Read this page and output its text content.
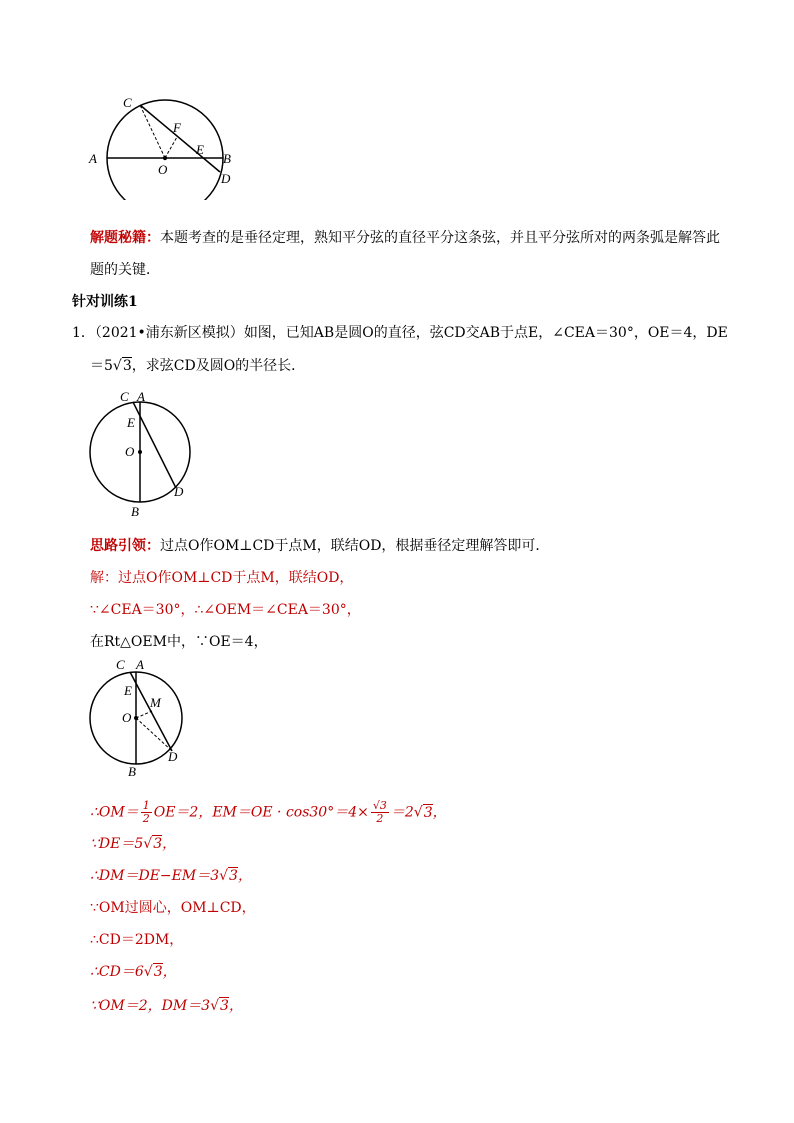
C
F
A
E
B
O
D
解题秘籍：本题考查的是垂径定理，熟知平分弦的直径平分这条弦，并且平分弦所对的两条弧是解答此
题的关键．
针对训练1
1．（2021•浦东新区模拟）如图，已知AB是圆O的直径，弦CD交AB于点E，∠CEA＝30°，OE＝4，DE
＝5√3，求弦CD及圆O的半径长．
C A
E
O
D
B
思路引领：过点O作OM⊥CD于点M，联结OD，根据垂径定理解答即可．
解：过点O作OM⊥CD于点M，联结OD，
∵∠CEA＝30°，∴∠OEM＝∠CEA＝30°，
在Rt△OEM中，∵OE＝4，
C A
E
M
O
D
B
∴OM＝ $\frac{1}{2} OE=2$，$EM=OE \cdot \cos 30^\circ=4\times \frac{√3}{2} =2√3$，
∵DE＝5√3，
∴DM＝DE−EM＝3√3，
∵OM过圆心，OM⊥CD，
∴CD＝2DM，
∴CD＝6√3，
∵OM＝2，DM＝3√3，
